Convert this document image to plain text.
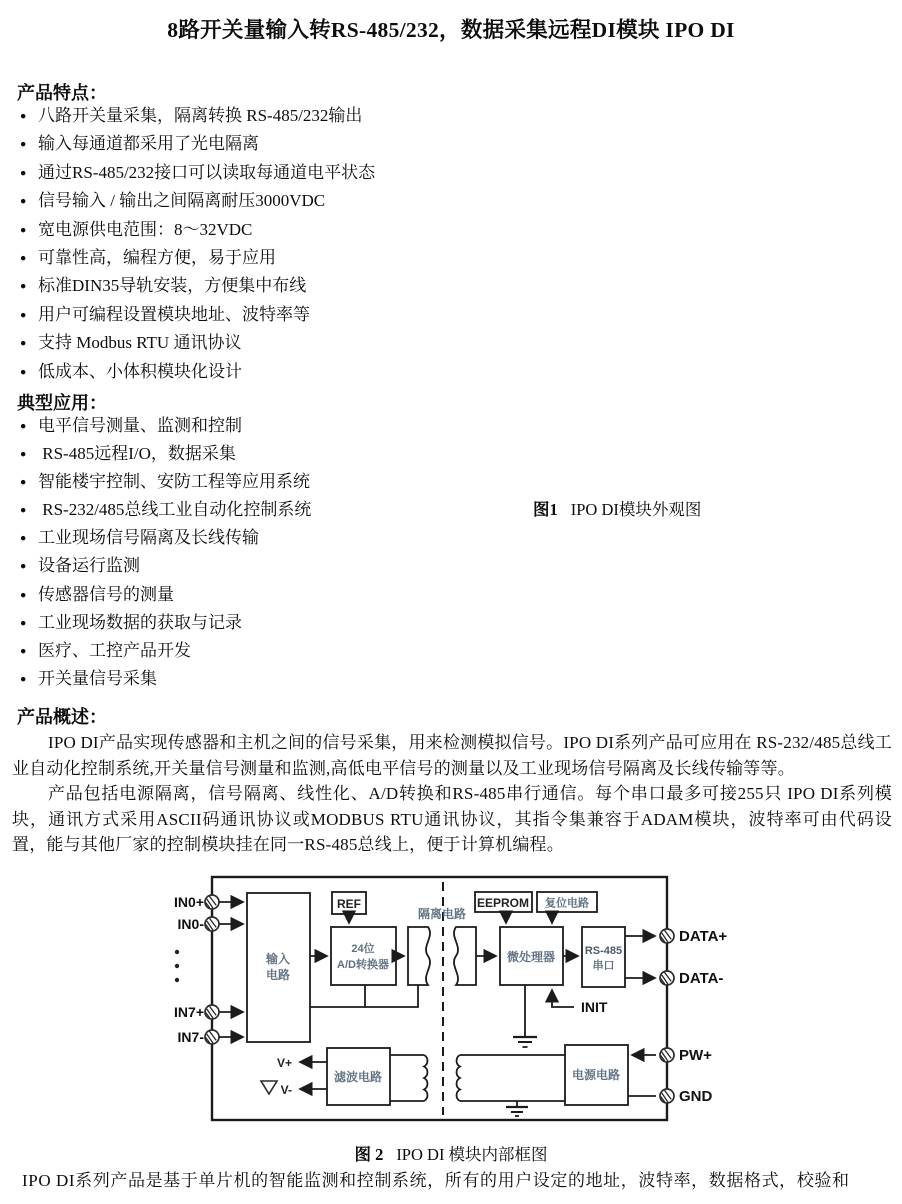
8路开关量输入转RS-485/232，数据采集远程DI模块 IPO DI
产品特点：
● 八路开关量采集，隔离转换 RS-485/232输出
● 输入每通道都采用了光电隔离
● 通过RS-485/232接口可以读取每通道电平状态
● 信号输入 / 输出之间隔离耐压3000VDC
● 宽电源供电范围：8～32VDC
● 可靠性高，编程方便，易于应用
● 标准DIN35导轨安装，方便集中布线
● 用户可编程设置模块地址、波特率等
● 支持 Modbus RTU 通讯协议
● 低成本、小体积模块化设计
典型应用：
● 电平信号测量、监测和控制
●  RS-485远程I/O，数据采集
● 智能楼宇控制、安防工程等应用系统
●  RS-232/485总线工业自动化控制系统
● 工业现场信号隔离及长线传输
● 设备运行监测
● 传感器信号的测量
● 工业现场数据的获取与记录
● 医疗、工控产品开发
● 开关量信号采集
图1 IPO DI模块外观图
产品概述：

IPO DI产品实现传感器和主机之间的信号采集，用来检测模拟信号。IPO DI系列产品可应用在 RS-232/485总线工业自动化控制系统,开关量信号测量和监测,高低电平信号的测量以及工业现场信号隔离及长线传输等等。

产品包括电源隔离，信号隔离、线性化、A/D转换和RS-485串行通信。每个串口最多可接255只 IPO DI系列模块，通讯方式采用ASCII码通讯协议或MODBUS RTU通讯协议，其指令集兼容于ADAM模块，波特率可由代码设置，能与其他厂家的控制模块挂在同一RS-485总线上，便于计算机编程。

IN0+
IN0-
IN7+
IN7-
输入
电路
REF
24位
A/D转换器
隔离电路
EEPROM 复位电路
微处理器	RS-485
串口
INIT
滤波电路
V+
V-
电源电路
DATA+
DATA-
PW+
GND
图 2 IPO DI 模块内部框图

IPO DI系列产品是基于单片机的智能监测和控制系统，所有的用户设定的地址，波特率，数据格式，校验和
